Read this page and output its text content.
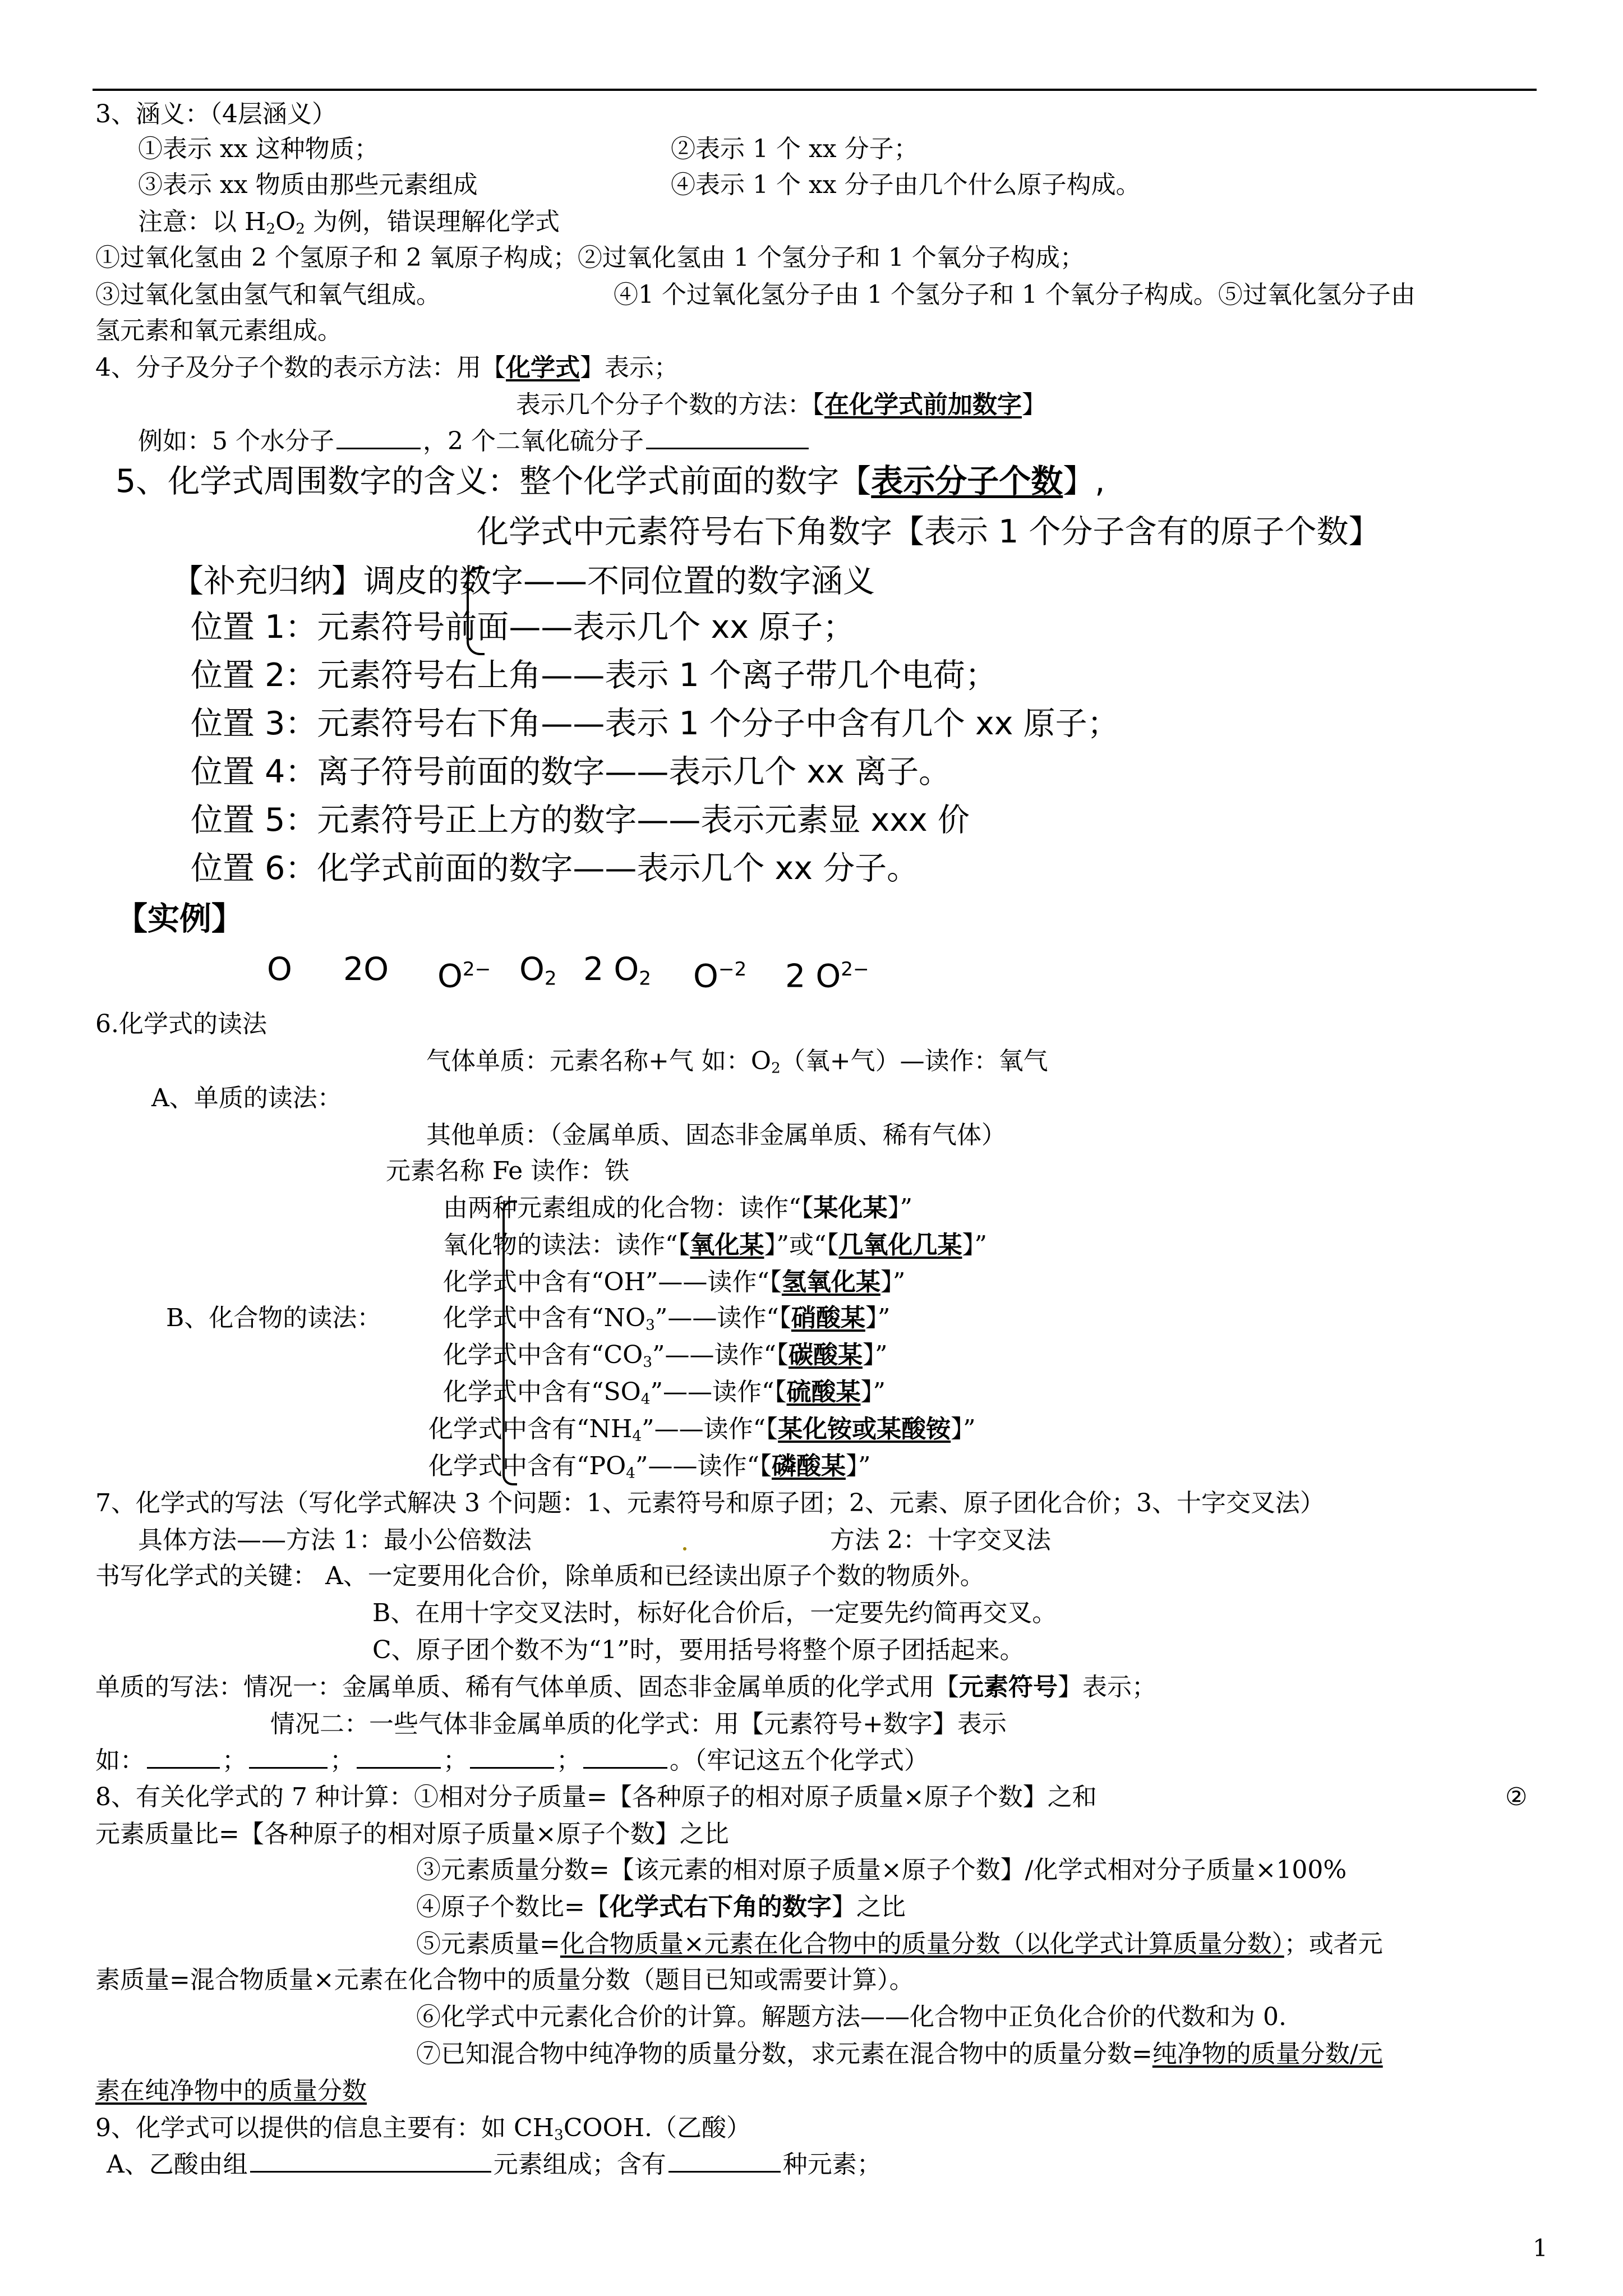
3、涵义：（4层涵义）
①表示 xx 这种物质；	②表示 1 个 xx 分子；
③表示 xx 物质由那些元素组成	④表示 1 个 xx 分子由几个什么原子构成。
注意：以 $H_2O_2$ 为例，错误理解化学式
①过氧化氢由 2 个氢原子和 2 氧原子构成；②过氧化氢由 1 个氢分子和 1 个氧分子构成；
③过氧化氢由氢气和氧气组成。	④1 个过氧化氢分子由 1 个氢分子和 1 个氧分子构成。⑤过氧化氢分子由
氢元素和氧元素组成。
4、分子及分子个数的表示方法：用【化学式】表示；
表示几个分子个数的方法：【在化学式前加数字】
例如：5 个水分子	，2 个二氧化硫分子
5、化学式周围数字的含义：整个化学式前面的数字【表示分子个数】,
化学式中元素符号右下角数字【表示 1 个分子含有的原子个数】
【补充归纳】调皮的数字——不同位置的数字涵义
位置 1：元素符号前面——表示几个 xx 原子；
位置 2：元素符号右上角——表示 1 个离子带几个电荷；
位置 3：元素符号右下角——表示 1 个分子中含有几个 xx 原子；
位置 4：离子符号前面的数字——表示几个 xx 离子。
位置 5：元素符号正上方的数字——表示元素显 xxx 价
位置 6：化学式前面的数字——表示几个 xx 分子。
【实例】
O 2O $O^{2-}$ $O_2$ 2 $O_2$ $O^{-2}$ 2 $O^{2-}$
6.化学式的读法
气体单质：元素名称+气 如：$O_2$（氧+气）—读作：氧气
A、单质的读法：
其他单质：（金属单质、固态非金属单质、稀有气体）
元素名称 Fe 读作：铁
由两种元素组成的化合物：读作“【某化某】”
氧化物的读法：读作“【氧化某】”或“【几氧化几某】”
化学式中含有“OH”——读作“【氢氧化某】”
B、化合物的读法： 化学式中含有“$NO_3”——$读作“【硝酸某】”
化学式中含有“$CO_3”——$读作“【碳酸某】”
化学式中含有“$SO_4”——$读作“【硫酸某】”
化学式中含有“$NH_4”——$读作“【某化铵或某酸铵】”
化学式中含有“$PO_4”——$读作“【磷酸某】”
7、化学式的写法（写化学式解决 3 个问题：1、元素符号和原子团；2、元素、原子团化合价；3、十字交叉法）
具体方法——方法 1：最小公倍数法	方法 2：十字交叉法
书写化学式的关键： A、一定要用化合价，除单质和已经读出原子个数的物质外。
B、在用十字交叉法时，标好化合价后，一定要先约简再交叉。
C、原子团个数不为“1”时，要用括号将整个原子团括起来。
单质的写法：情况一：金属单质、稀有气体单质、固态非金属单质的化学式用【元素符号】表示；
情况二：一些气体非金属单质的化学式：用【元素符号+数字】表示
如：	；	；	；	；	。（牢记这五个化学式）
8、有关化学式的 7 种计算：①相对分子质量=【各种原子的相对原子质量×原子个数】之和	②
元素质量比=【各种原子的相对原子质量×原子个数】之比
③元素质量分数=【该元素的相对原子质量×原子个数】/化学式相对分子质量×100%
④原子个数比=【化学式右下角的数字】之比
⑤元素质量=化合物质量×元素在化合物中的质量分数（以化学式计算质量分数）；或者元
素质量=混合物质量×元素在化合物中的质量分数（题目已知或需要计算）。
⑥化学式中元素化合价的计算。解题方法——化合物中正负化合价的代数和为 0.
⑦已知混合物中纯净物的质量分数，求元素在混合物中的质量分数=纯净物的质量分数/元
素在纯净物中的质量分数
9、化学式可以提供的信息主要有：如 $CH_3COOH$.（乙酸）
A、乙酸由组	元素组成；含有	种元素；
1
